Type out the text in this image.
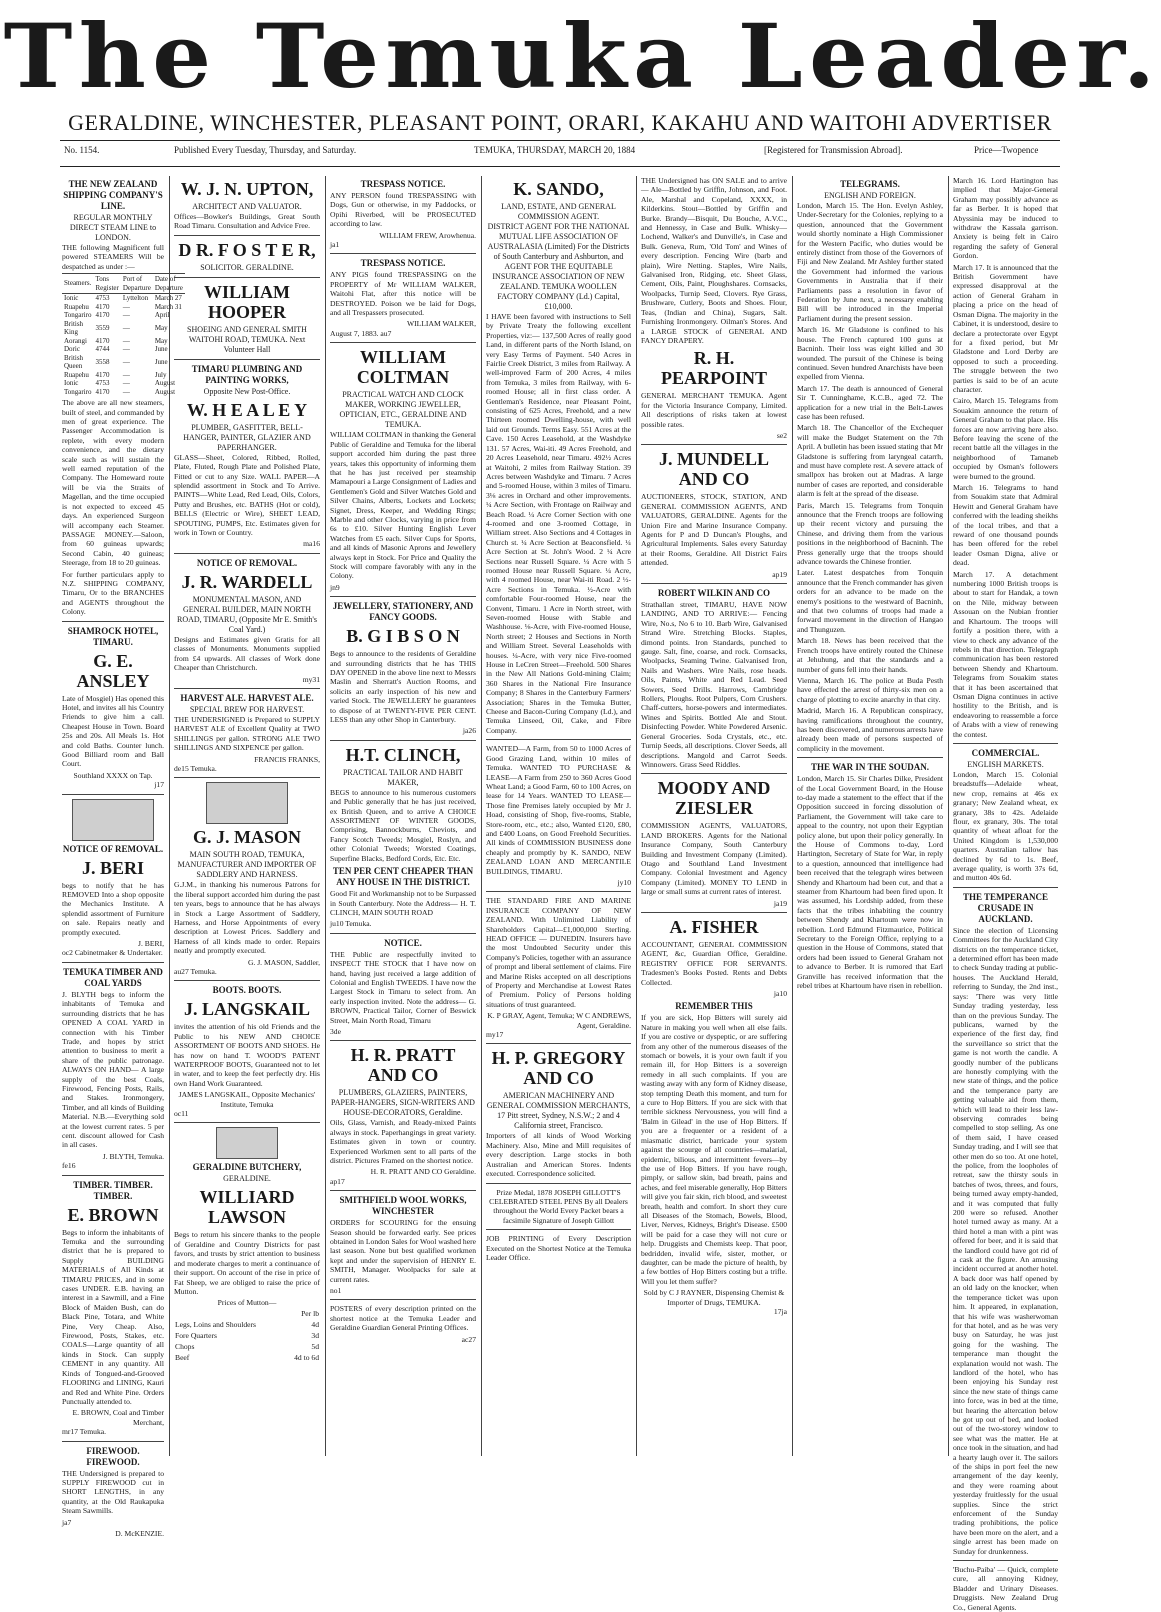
The Temuka Leader.
GERALDINE, WINCHESTER, PLEASANT POINT, ORARI, KAKAHU AND WAITOHI ADVERTISER
No. 1154.	Published Every Tuesday, Thursday, and Saturday.	TEMUKA, THURSDAY, MARCH 20, 1884	[Registered for Transmission Abroad].	Price—Twopence

THE NEW ZEALAND SHIPPING COMPANY'S LINE.

REGULAR MONTHLY DIRECT STEAM LINE to LONDON.

THE following Magnificent full powered STEAMERS Will be despatched as under :—

Steamers.	Tons Register	Port of Departure	Date of Departure
Ionic	4753	Lyttelton	March 27
Ruapehu	4170	—	March 31
Tongariro	4170	—	April
British King	3559	—	May
Aorangi	4170	—	May
Doric	4744	—	June
British Queen	3558	—	June
Ruapehu	4170	—	July
Ionic	4753	—	August
Tongariro	4170	—	August

The above are all new steamers, built of steel, and commanded by men of great experience. The Passenger Accommodation is replete, with every modern convenience, and the dietary scale such as will sustain the well earned reputation of the Company. The Homeward route will be via the Straits of Magellan, and the time occupied is not expected to exceed 45 days. An experienced Surgeon will accompany each Steamer. PASSAGE MONEY.—Saloon, from 60 guineas upwards; Second Cabin, 40 guineas; Steerage, from 18 to 20 guineas.

For further particulars apply to N.Z. SHIPPING COMPANY, Timaru, Or to the BRANCHES and AGENTS throughout the Colony.

SHAMROCK HOTEL, TIMARU.

G. E. ANSLEY

Late of Mosgiel) Has opened this Hotel, and invites all his Country Friends to give him a call. Cheapest House in Town. Board 25s and 20s. All Meals 1s. Hot and cold Baths. Counter lunch. Good Billiard room and Ball Court.

Southland XXXX on Tap.

j17

NOTICE OF REMOVAL.

J. BERI

begs to notify that he has REMOVED Into a shop opposite the Mechanics Institute. A splendid assortment of Furniture on sale. Repairs neatly and promptly executed.

J. BERI,

oc2 Cabinetmaker & Undertaker.

TEMUKA TIMBER AND COAL YARDS

J. BLYTH begs to inform the inhabitants of Temuka and surrounding districts that he has OPENED A COAL YARD in connection with his Timber Trade, and hopes by strict attention to business to merit a share of the public patronage. ALWAYS ON HAND— A large supply of the best Coals, Firewood, Fencing Posts, Rails, and Stakes. Ironmongery, Timber, and all kinds of Building Material. N.B.—Everything sold at the lowest current rates. 5 per cent. discount allowed for Cash in all cases.

J. BLYTH, Temuka.

fe16

TIMBER. TIMBER. TIMBER.

E. BROWN

Begs to inform the inhabitants of Temuka and the surrounding district that he is prepared to Supply BUILDING MATERIALS of All Kinds at TIMARU PRICES, and in some cases UNDER. E.B. having an interest in a Sawmill, and a Fine Block of Maiden Bush, can do Black Pine, Totara, and White Pine, Very Cheap. Also, Firewood, Posts, Stakes, etc. COALS—Large quantity of all kinds in Stock. Can supply CEMENT in any quantity. All Kinds of Tongued-and-Grooved FLOORING and LINING, Kauri and Red and White Pine. Orders Punctually attended to.

E. BROWN, Coal and Timber Merchant,

mr17 Temuka.

FIREWOOD. FIREWOOD.

THE Undersigned is prepared to SUPPLY FIREWOOD cut in SHORT LENGTHS, in any quantity, at the Old Raukapuka Steam Sawmills.

ja7

D. McKENZIE.

W. J. N. UPTON,

ARCHITECT AND VALUATOR.

Offices—Bowker's Buildings, Great South Road Timaru. Consultation and Advice Free.

D R. F O S T E R,

SOLICITOR. GERALDINE.

WILLIAM HOOPER

SHOEING AND GENERAL SMITH WAITOHI ROAD, TEMUKA. Next Volunteer Hall

TIMARU PLUMBING AND PAINTING WORKS,

Opposite New Post-Office.

W. H E A L E Y

PLUMBER, GASFITTER, BELL-HANGER, PAINTER, GLAZIER AND PAPERHANGER.

GLASS—Sheet, Colored, Ribbed, Rolled, Plate, Fluted, Rough Plate and Polished Plate, Fitted or cut to any Size. WALL PAPER—A splendid assortment in Stock and To Arrive. PAINTS—White Lead, Red Lead, Oils, Colors, Putty and Brushes, etc. BATHS (Hot or cold), BELLS (Electric or Wire), SHEET LEAD, SPOUTING, PUMPS, Etc. Estimates given for work in Town or Country.

ma16

NOTICE OF REMOVAL.

J. R. WARDELL

MONUMENTAL MASON, AND GENERAL BUILDER, MAIN NORTH ROAD, TIMARU, (Opposite Mr E. Smith's Coal Yard.)

Designs and Estimates given Gratis for all classes of Monuments. Monuments supplied from £4 upwards. All classes of Work done Cheaper than Christchurch.

my31

HARVEST ALE. HARVEST ALE.

SPECIAL BREW FOR HARVEST.

THE UNDERSIGNED is Prepared to SUPPLY HARVEST ALE of Excellent Quality at TWO SHILLINGS per gallon. STRONG ALE TWO SHILLINGS AND SIXPENCE per gallon.

FRANCIS FRANKS,

de15 Temuka.

G. J. MASON

MAIN SOUTH ROAD, TEMUKA, MANUFACTURER AND IMPORTER OF SADDLERY AND HARNESS.

G.J.M., in thanking his numerous Patrons for the liberal support accorded him during the past ten years, begs to announce that he has always in Stock a Large Assortment of Saddlery, Harness, and Horse Appointments of every description at Lowest Prices. Saddlery and Harness of all kinds made to order. Repairs neatly and promptly executed.

G. J. MASON, Saddler,

au27 Temuka.

BOOTS. BOOTS.

J. LANGSKAIL

invites the attention of his old Friends and the Public to his NEW AND CHOICE ASSORTMENT OF BOOTS AND SHOES. He has now on hand T. WOOD'S PATENT WATERPROOF BOOTS, Guaranteed not to let in water, and to keep the feet perfectly dry. His own Hand Work Guaranteed.

JAMES LANGSKAIL, Opposite Mechanics' Institute, Temuka

oc11

GERALDINE BUTCHERY,

GERALDINE.

WILLIARD LAWSON

Begs to return his sincere thanks to the people of Geraldine and Country Districts for past favors, and trusts by strict attention to business and moderate charges to merit a continuance of their support. On account of the rise in price of Fat Sheep, we are obliged to raise the price of Mutton.

Prices of Mutton—

	Per lb
Legs, Loins and Shoulders	4d
Fore Quarters	3d
Chops	5d
Beef	4d to 6d

TRESPASS NOTICE.

ANY PERSON found TRESPASSING with Dogs, Gun or otherwise, in my Paddocks, or Opihi Riverbed, will be PROSECUTED according to law.

WILLIAM FREW, Arowhenua.

ja1

TRESPASS NOTICE.

ANY PIGS found TRESPASSING on the PROPERTY of Mr WILLIAM WALKER, Waitohi Flat, after this notice will be DESTROYED. Poison we be laid for Dogs, and all Trespassers prosecuted.

WILLIAM WALKER,

August 7, 1883. au7

WILLIAM COLTMAN

PRACTICAL WATCH AND CLOCK MAKER, WORKING JEWELLER, OPTICIAN, ETC., GERALDINE AND TEMUKA.

WILLIAM COLTMAN in thanking the General Public of Geraldine and Temuka for the liberal support accorded him during the past three years, takes this opportunity of informing them that he has just received per steamship Mamapouri a Large Consignment of Ladies and Gentlemen's Gold and Silver Watches Gold and Silver Chains, Alberts, Lockets and Lockets; Signet, Dress, Keeper, and Wedding Rings; Marble and other Clocks, varying in price from 6s to £10. Silver Hunting English Lever Watches from £5 each. Silver Cups for Sports, and all kinds of Masonic Aprons and Jewellery always kept in Stock. For Price and Quality the Stock will compare favorably with any in the Colony.

jn9

JEWELLERY, STATIONERY, AND FANCY GOODS.

B. G I B S O N

Begs to announce to the residents of Geraldine and surrounding districts that he has THIS DAY OPENED in the above line next to Messrs Maslin and Sherratt's Auction Rooms, and solicits an early inspection of his new and varied Stock. The JEWELLERY he guarantees to dispose of at TWENTY-FIVE PER CENT. LESS than any other Shop in Canterbury.

ja26

H.T. CLINCH,

PRACTICAL TAILOR AND HABIT MAKER,

BEGS to announce to his numerous customers and Public generally that he has just received, ex British Queen, and to arrive A CHOICE ASSORTMENT OF WINTER GOODS, Comprising, Bannockburns, Cheviots, and Fancy Scotch Tweeds; Mosgiel, Roslyn, and other Colonial Tweeds; Worsted Coatings, Superfine Blacks, Bedford Cords, Etc. Etc.

TEN PER CENT CHEAPER THAN ANY HOUSE IN THE DISTRICT.

Good Fit and Workmanship not to be Surpassed in South Canterbury. Note the Address— H. T. CLINCH, MAIN SOUTH ROAD

ju10 Temuka.

NOTICE.

THE Public are respectfully invited to INSPECT THE STOCK that I have now on hand, having just received a large addition of Colonial and English TWEEDS. I have now the Largest Stock in Timaru to select from. An early inspection invited. Note the address— G. BROWN, Practical Tailor, Corner of Beswick Street, Main North Road, Timaru

3de

H. R. PRATT AND CO

PLUMBERS, GLAZIERS, PAINTERS, PAPER-HANGERS, SIGN-WRITERS AND HOUSE-DECORATORS, Geraldine.

Oils, Glass, Varnish, and Ready-mixed Paints always in stock. Paperhangings in great variety. Estimates given in town or country. Experienced Workmen sent to all parts of the district. Pictures Framed on the shortest notice.

H. R. PRATT AND CO Geraldine.

ap17

SMITHFIELD WOOL WORKS, WINCHESTER

ORDERS for SCOURING for the ensuing Season should be forwarded early. See prices obtained in London Sales for Wool washed here last season. None but best qualified workmen kept and under the supervision of HENRY E. SMITH, Manager. Woolpacks for sale at current rates.

no1

POSTERS of every description printed on the shortest notice at the Temuka Leader and Geraldine Guardian General Printing Offices.

ac27

K. SANDO,

LAND, ESTATE, AND GENERAL COMMISSION AGENT.

DISTRICT AGENT FOR THE NATIONAL MUTUAL LIFE ASSOCIATION OF AUSTRALASIA (Limited) For the Districts of South Canterbury and Ashburton, and AGENT FOR THE EQUITABLE INSURANCE ASSOCIATION OF NEW ZEALAND. TEMUKA WOOLLEN FACTORY COMPANY (Ld.) Capital, £10,000.

I HAVE been favored with instructions to Sell by Private Treaty the following excellent Properties, viz:— 137,500 Acres of really good Land, in different parts of the North Island, on very Easy Terms of Payment. 540 Acres in Fairlie Creek District, 3 miles from Railway. A well-improved Farm of 200 Acres, 4 miles from Temuka, 3 miles from Railway, with 6-roomed House; all in first class order. A Gentleman's Residence, near Pleasant Point, consisting of 625 Acres, Freehold, and a new Thirteen roomed Dwelling-house, with well laid out Grounds. Terms Easy. 551 Acres at the Cave. 150 Acres Leasehold, at the Washdyke 131. 57 Acres, Wai-iti. 49 Acres Freehold, and 20 Acres Leasehold, near Timaru. 492½ Acres at Waitohi, 2 miles from Railway Station. 39 Acres between Washdyke and Timaru. 7 Acres and 5-roomed House, within 3 miles of Timaru. 3⅛ acres in Orchard and other improvements. ¼ Acre Section, with Frontage on Railway and Beach Road. ¼ Acre Corner Section with one 4-roomed and one 3-roomed Cottage, in William street. Also Sections and 4 Cottages in Church st. ¼ Acre Section at Beaconsfield. ¼ Acre Section at St. John's Wood. 2 ¼ Acre Sections near Russell Square. ¼ Acre with 5 roomed House near Russell Square. ¼ Acre, with 4 roomed House, near Wai-iti Road. 2 ½-Acre Sections in Temuka. ½-Acre with comfortable Four-roomed House, near the Convent, Timaru. 1 Acre in North street, with Seven-roomed House with Stable and Washhouse. ⅛-Acre, with Five-roomed House, North street; 2 Houses and Sections in North and William Street. Several Leaseholds with houses. ¼-Acre, with very nice Five-roomed House in LeCren Street—Freehold. 500 Shares in the New All Nations Gold-mining Claim; 360 Shares in the National Fire Insurance Company; 8 Shares in the Canterbury Farmers' Association; Shares in the Temuka Butter, Cheese and Bacon-Curing Company (Ld.), and Temuka Linseed, Oil, Cake, and Fibre Company.

WANTED—A Farm, from 50 to 1000 Acres of Good Grazing Land, within 10 miles of Temuka. WANTED TO PURCHASE & LEASE—A Farm from 250 to 360 Acres Good Wheat Land; a Good Farm, 60 to 100 Acres, on lease for 14 Years. WANTED TO LEASE—Those fine Premises lately occupied by Mr J. Hoad, consisting of Shop, five-rooms, Stable, Store-room, etc., etc.; also, Wanted £120, £80, and £400 Loans, on Good Freehold Securities. All kinds of COMMISSION BUSINESS done cheaply and promptly by K. SANDO, NEW ZEALAND LOAN AND MERCANTILE BUILDINGS, TIMARU.

jy10

THE STANDARD FIRE AND MARINE INSURANCE COMPANY OF NEW ZEALAND. With Unlimited Liability of Shareholders Capital—£1,000,000 Sterling. HEAD OFFICE — DUNEDIN. Insurers have the most Undoubted Security under this Company's Policies, together with an assurance of prompt and liberal settlement of claims. Fire and Marine Risks accepted on all descriptions of Property and Merchandise at Lowest Rates of Premium. Policy of Persons holding situations of trust guaranteed.

K. P GRAY, Agent, Temuka; W C ANDREWS, Agent, Geraldine.

my17

H. P. GREGORY AND CO

AMERICAN MACHINERY AND GENERAL COMMISSION MERCHANTS, 17 Pitt street, Sydney, N.S.W.; 2 and 4 California street, Francisco.

Importers of all kinds of Wood Working Machinery. Also, Mine and Mill requisites of every description. Large stocks in both Australian and American Stores. Indents executed. Correspondence solicited.

Prize Medal, 1878 JOSEPH GILLOTT'S CELEBRATED STEEL PENS By all Dealers throughout the World Every Packet bears a facsimile Signature of Joseph Gillott

JOB PRINTING of Every Description Executed on the Shortest Notice at the Temuka Leader Office.

THE Undersigned has ON SALE and to arrive— Ale—Bottled by Griffin, Johnson, and Foot. Ale, Marshal and Copeland, XXXX, in Kilderkins. Stout—Bottled by Griffin and Burke. Brandy—Bisquit, Du Bouche, A.V.C., and Hennessy, in Case and Bulk. Whisky—Lochend, Walker's and Dunville's, in Case and Bulk. Geneva, Rum, 'Old Tom' and Wines of every description. Fencing Wire (barb and plain), Wire Netting. Staples, Wire Nails, Galvanised Iron, Ridging, etc. Sheet Glass, Cement, Oils, Paint, Ploughshares. Cornsacks, Woolpacks, Turnip Seed, Clovers. Rye Grass, Brushware, Cutlery, Boots and Shoes. Flour, Teas, (Indian and China), Sugars, Salt. Furnishing Ironmongery. Oilman's Stores. And a LARGE STOCK of GENERAL AND FANCY DRAPERY.

R. H. PEARPOINT

GENERAL MERCHANT TEMUKA. Agent for the Victoria Insurance Company, Limited. All descriptions of risks taken at lowest possible rates.

se2

J. MUNDELL AND CO

AUCTIONEERS, STOCK, STATION, AND GENERAL COMMISSION AGENTS, AND VALUATORS, GERALDINE. Agents for the Union Fire and Marine Insurance Company. Agents for P and D Duncan's Ploughs, and Agricultural Implements. Sales every Saturday at their Rooms, Geraldine. All District Fairs attended.

ap19

ROBERT WILKIN AND CO

Strathallan street, TIMARU, HAVE NOW LANDING, AND TO ARRIVE:— Fencing Wire, No.s, No 6 to 10. Barb Wire, Galvanised Strand Wire. Stretching Blocks. Staples, dimond points. Iron Standards, punched to gauge. Salt, fine, coarse, and rock. Cornsacks, Woolpacks, Seaming Twine. Galvanised Iron, Nails and Washers. Wire Nails, rose heads. Oils, Paints, White and Red Lead. Seed Sowers, Seed Drills. Harrows, Cambridge Rollers, Ploughs. Root Pulpers, Corn Crushers. Chaff-cutters, horse-powers and intermediates. Wines and Spirits. Bottled Ale and Stout. Disinfecting Powder. White Powdered Arsenic. General Groceries. Soda Crystals, etc., etc. Turnip Seeds, all descriptions. Clover Seeds, all descriptions. Mangold and Carrot Seeds. Winnowers. Grass Seed Riddles.

MOODY AND ZIESLER

COMMISSION AGENTS, VALUATORS, LAND BROKERS. Agents for the National Insurance Company, South Canterbury Building and Investment Company (Limited). Otago and Southland Land Investment Company. Colonial Investment and Agency Company (Limited). MONEY TO LEND in large or small sums at current rates of interest.

ja19

A. FISHER

ACCOUNTANT, GENERAL COMMISSION AGENT, &c, Guardian Office, Geraldine. REGISTRY OFFICE FOR SERVANTS. Tradesmen's Books Posted. Rents and Debts Collected.

ja10

REMEMBER THIS

If you are sick, Hop Bitters will surely aid Nature in making you well when all else fails. If you are costive or dyspeptic, or are suffering from any other of the numerous diseases of the stomach or bowels, it is your own fault if you remain ill, for Hop Bitters is a sovereign remedy in all such complaints. If you are wasting away with any form of Kidney disease, stop tempting Death this moment, and turn for a cure to Hop Bitters. If you are sick with that terrible sickness Nervousness, you will find a 'Balm in Gilead' in the use of Hop Bitters. If you are a frequenter or a resident of a miasmatic district, barricade your system against the scourge of all countries—malarial, epidemic, bilious, and intermittent fevers—by the use of Hop Bitters. If you have rough, pimply, or sallow skin, bad breath, pains and aches, and feel miserable generally, Hop Bitters will give you fair skin, rich blood, and sweetest breath, health and comfort. In short they cure all Diseases of the Stomach, Bowels, Blood, Liver, Nerves, Kidneys, Bright's Disease. £500 will be paid for a case they will not cure or help. Druggists and Chemists keep. That poor, bedridden, invalid wife, sister, mother, or daughter, can be made the picture of health, by a few bottles of Hop Bitters costing but a trifle. Will you let them suffer?

Sold by C J RAYNER, Dispensing Chemist & Importer of Drugs, TEMUKA.

17ja

TELEGRAMS.

ENGLISH AND FOREIGN.

London, March 15. The Hon. Evelyn Ashley, Under-Secretary for the Colonies, replying to a question, announced that the Government would shortly nominate a High Commissioner for the Western Pacific, who duties would be entirely distinct from those of the Governors of Fiji and New Zealand. Mr Ashley further stated the Government had informed the various Governments in Australia that if their Parliaments pass a resolution in favor of Federation by June next, a necessary enabling Bill will be introduced in the Imperial Parliament during the present session.

March 16. Mr Gladstone is confined to his house. The French captured 100 guns at Bacninh. Their loss was eight killed and 30 wounded. The pursuit of the Chinese is being continued. Seven hundred Anarchists have been expelled from Vienna.

March 17. The death is announced of General Sir T. Cunninghame, K.C.B., aged 72. The application for a new trial in the Belt-Lawes case has been refused.

March 18. The Chancellor of the Exchequer will make the Budget Statement on the 7th April. A bulletin has been issued stating that Mr Gladstone is suffering from laryngeal catarrh, and must have complete rest. A severe attack of smallpox has broken out at Madras. A large number of cases are reported, and considerable alarm is felt at the spread of the disease.

Paris, March 15. Telegrams from Tonquin announce that the French troops are following up their recent victory and pursuing the Chinese, and driving them from the various positions in the neighborhood of Bacninh. The Press generally urge that the troops should advance towards the Chinese frontier.

Later. Latest despatches from Tonquin announce that the French commander has given orders for an advance to be made on the enemy's positions to the westward of Bacninh, and that two columns of troops had made a forward movement in the direction of Hangao and Thunguzen.

March 18. News has been received that the French troops have entirely routed the Chinese at Jehuhung, and that the standards and a number of guns fell into their hands.

Vienna, March 16. The police at Buda Pesth have effected the arrest of thirty-six men on a charge of plotting to excite anarchy in that city.

Madrid, March 16. A Republican conspiracy, having ramifications throughout the country, has been discovered, and numerous arrests have already been made of persons suspected of complicity in the movement.

THE WAR IN THE SOUDAN.

London, March 15. Sir Charles Dilke, President of the Local Government Board, in the House to-day made a statement to the effect that if the Opposition succeed in forcing dissolution of Parliament, the Government will take care to appeal to the country, not upon their Egyptian policy alone, but upon their policy generally. In the House of Commons to-day, Lord Hartington, Secretary of State for War, in reply to a question, announced that intelligence had been received that the telegraph wires between Shendy and Khartoum had been cut, and that a steamer from Khartoum had been fired upon. It was assumed, his Lordship added, from these facts that the tribes inhabiting the country between Shendy and Khartoum were now in rebellion. Lord Edmund Fitzmaurice, Political Secretary to the Foreign Office, replying to a question in the House of Commons, stated that orders had been issued to General Graham not to advance to Berber. It is rumored that Earl Granville has received information that the rebel tribes at Khartoum have risen in rebellion.

March 16. Lord Hartington has implied that Major-General Graham may possibly advance as far as Berber. It is hoped that Abyssinia may be induced to withdraw the Kassala garrison. Anxiety is being felt in Cairo regarding the safety of General Gordon.

March 17. It is announced that the British Government have expressed disapproval at the action of General Graham in placing a price on the head of Osman Digna. The majority in the Cabinet, it is understood, desire to declare a protectorate over Egypt for a fixed period, but Mr Gladstone and Lord Derby are opposed to such a proceeding. The struggle between the two parties is said to be of an acute character.

Cairo, March 15. Telegrams from Souakim announce the return of General Graham to that place. His forces are now arriving here also. Before leaving the scene of the recent battle all the villages in the neighborhood of Tamaneb occupied by Osman's followers were burned to the ground.

March 16. Telegrams to hand from Souakim state that Admiral Hewitt and General Graham have conferred with the leading sheikhs of the local tribes, and that a reward of one thousand pounds has been offered for the rebel leader Osman Digna, alive or dead.

March 17. A detachment numbering 1000 British troops is about to start for Handak, a town on the Nile, midway between Assouan on the Nubian frontier and Khartoum. The troops will fortify a position there, with a view to check any advance of the rebels in that direction. Telegraph communication has been restored between Shendy and Khartoum. Telegrams from Souakim states that it has been ascertained that Osman Digna continues in active hostility to the British, and is endeavoring to reassemble a force of Arabs with a view of renewing the contest.

COMMERCIAL.

ENGLISH MARKETS.

London, March 15. Colonial breadstuffs—Adelaide wheat, new crop, remains at 46s ex granary; New Zealand wheat, ex granary, 38s to 42s. Adelaide flour, ex granary, 30s. The total quantity of wheat afloat for the United Kingdom is 1,530,000 quarters. Australian tallow has declined by 6d to 1s. Beef, average quality, is worth 37s 6d, and mutton 40s 6d.

THE TEMPERANCE CRUSADE IN AUCKLAND.

Since the election of Licensing Committees for the Auckland City districts on the temperance ticket, a determined effort has been made to check Sunday trading at public-houses. The Auckland Herald, referring to Sunday, the 2nd inst., says: 'There was very little Sunday trading yesterday, less than on the previous Sunday. The publicans, warned by the experience of the first day, find the surveillance so strict that the game is not worth the candle. A goodly number of the publicans are honestly complying with the new state of things, and the police and the temperance party are getting valuable aid from them, which will lead to their less law-observing comrades being compelled to stop selling. As one of them said, I have ceased Sunday trading, and I will see that other men do so too. At one hotel, the police, from the loopholes of retreat, saw the thirsty souls in batches of twos, threes, and fours, being turned away empty-handed, and it was computed that fully 200 were so refused. Another hotel turned away as many. At a third hotel a man with a pint was offered for beer, and it is said that the landlord could have got rid of a cask at the figure. An amusing incident occurred at another hotel. A back door was half opened by an old lady on the knocker, when the temperance ticket was upon him. It appeared, in explanation, that his wife was washerwoman for that hotel, and as he was very busy on Saturday, he was just going for the washing. The temperance man thought the explanation would not wash. The landlord of the hotel, who has been enjoying his Sunday rest since the new state of things came into force, was in bed at the time, but hearing the altercation below he got up out of bed, and looked out of the two-storey window to see what was the matter. He at once took in the situation, and had a hearty laugh over it. The sailors of the ships in port feel the new arrangement of the day keenly, and they were roaming about yesterday fruitlessly for the usual supplies. Since the strict enforcement of the Sunday trading prohibitions, the police have been more on the alert, and a single arrest has been made on Sunday for drunkenness.

'Buchu-Paiba' — Quick, complete cure, all annoying Kidney, Bladder and Urinary Diseases. Druggists. New Zealand Drug Co., General Agents.
